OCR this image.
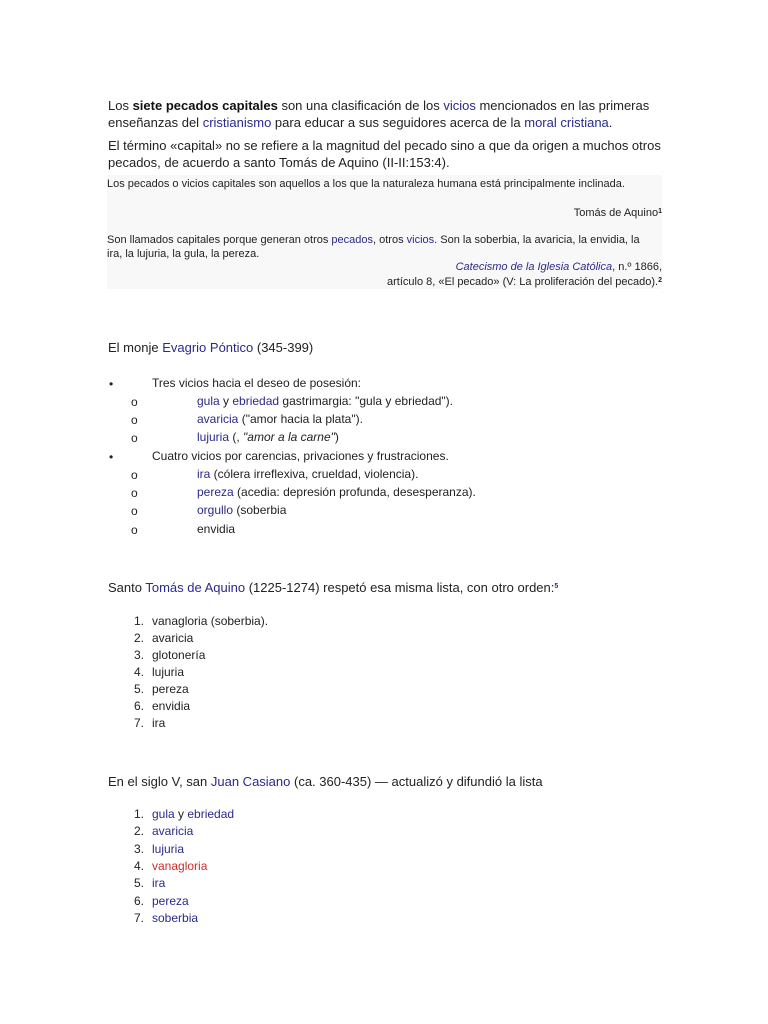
Los siete pecados capitales son una clasificación de los vicios mencionados en las primeras enseñanzas del cristianismo para educar a sus seguidores acerca de la moral cristiana.
El término «capital» no se refiere a la magnitud del pecado sino a que da origen a muchos otros pecados, de acuerdo a santo Tomás de Aquino (II-II:153:4).
Los pecados o vicios capitales son aquellos a los que la naturaleza humana está principalmente inclinada.
Tomás de Aquino$^1$
Son llamados capitales porque generan otros pecados, otros vicios. Son la soberbia, la avaricia, la envidia, la ira, la lujuria, la gula, la pereza.
Catecismo de la Iglesia Católica, n.º 1866,
artículo 8, «El pecado» (V: La proliferación del pecado).$^2$
El monje Evagrio Póntico (345-399)
•	Tres vicios hacia el deseo de posesión:
o	gula y ebriedad gastrimargia: "gula y ebriedad").
o	avaricia ("amor hacia la plata").
o	lujuria (, "amor a la carne")
•	Cuatro vicios por carencias, privaciones y frustraciones.
o	ira (cólera irreflexiva, crueldad, violencia).
o	pereza (acedia: depresión profunda, desesperanza).
o	orgullo (soberbia
o	envidia
Santo Tomás de Aquino (1225-1274) respetó esa misma lista, con otro orden:$^5$
1. vanagloria (soberbia).
2. avaricia
3. glotonería
4. lujuria
5. pereza
6. envidia
7. ira
En el siglo V, san Juan Casiano (ca. 360-435) — actualizó y difundió la lista
1. gula y ebriedad
2. avaricia
3. lujuria
4. vanagloria
5. ira
6. pereza
7. soberbia
